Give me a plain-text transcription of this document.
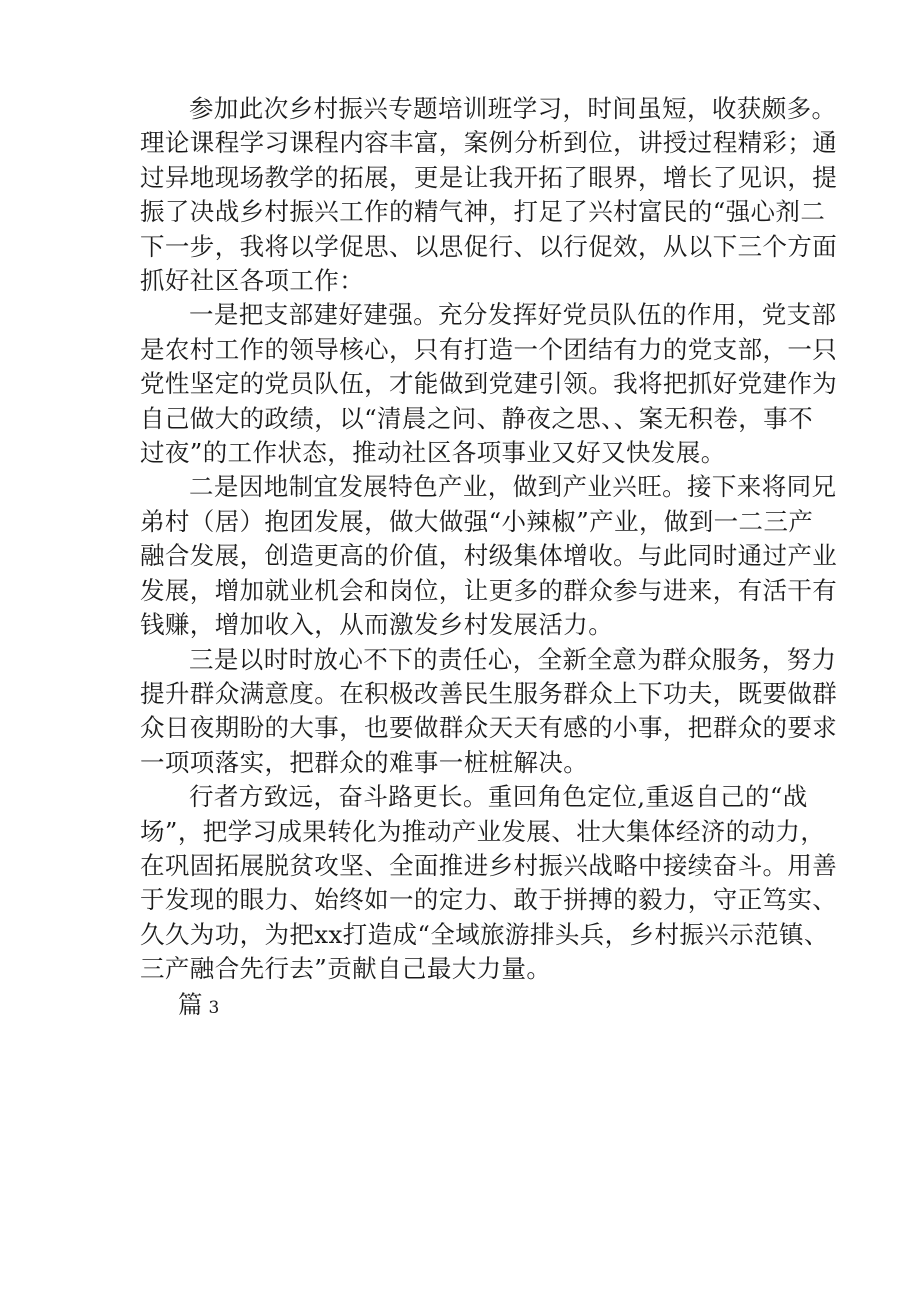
参加此次乡村振兴专题培训班学习，时间虽短，收获颇多。
理论课程学习课程内容丰富，案例分析到位，讲授过程精彩；通
过异地现场教学的拓展，更是让我开拓了眼界，增长了见识，提
振了决战乡村振兴工作的精气神，打足了兴村富民的“强心剂二
下一步，我将以学促思、以思促行、以行促效，从以下三个方面
抓好社区各项工作：
一是把支部建好建强。充分发挥好党员队伍的作用，党支部
是农村工作的领导核心，只有打造一个团结有力的党支部，一只
党性坚定的党员队伍，才能做到党建引领。我将把抓好党建作为
自己做大的政绩，以“清晨之问、静夜之思、、案无积卷，事不
过夜”的工作状态，推动社区各项事业又好又快发展。
二是因地制宜发展特色产业，做到产业兴旺。接下来将同兄
弟村（居）抱团发展，做大做强“小辣椒”产业，做到一二三产
融合发展，创造更高的价值，村级集体增收。与此同时通过产业
发展，增加就业机会和岗位，让更多的群众参与进来，有活干有
钱赚，增加收入，从而激发乡村发展活力。
三是以时时放心不下的责任心，全新全意为群众服务，努力
提升群众满意度。在积极改善民生服务群众上下功夫，既要做群
众日夜期盼的大事，也要做群众天天有感的小事，把群众的要求
一项项落实，把群众的难事一桩桩解决。
行者方致远，奋斗路更长。重回角色定位,重返自己的“战
场”，把学习成果转化为推动产业发展、壮大集体经济的动力，
在巩固拓展脱贫攻坚、全面推进乡村振兴战略中接续奋斗。用善
于发现的眼力、始终如一的定力、敢于拼搏的毅力，守正笃实、
久久为功，为把xx打造成“全域旅游排头兵，乡村振兴示范镇、
三产融合先行去”贡献自己最大力量。
篇 3
